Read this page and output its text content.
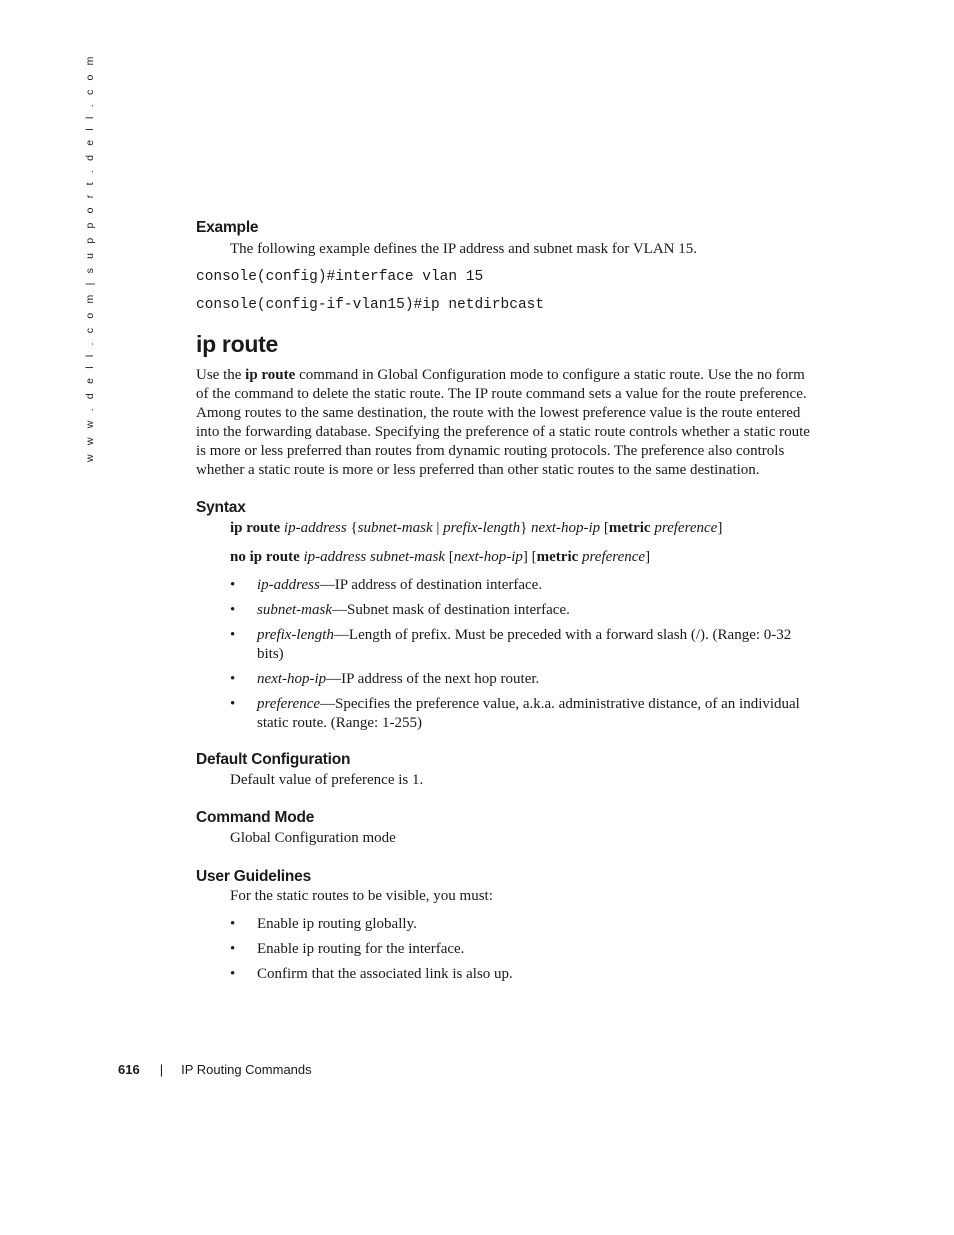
w w w . d e l l . c o m | s u p p o r t . d e l l . c o m	Example

The following example defines the IP address and subnet mask for VLAN 15.

console(config)#interface vlan 15
console(config-if-vlan15)#ip netdirbcast
ip route

Use the ip route command in Global Configuration mode to configure a static route. Use the no form of the command to delete the static route. The IP route command sets a value for the route preference. Among routes to the same destination, the route with the lowest preference value is the route entered into the forwarding database. Specifying the preference of a static route controls whether a static route is more or less preferred than routes from dynamic routing protocols. The preference also controls whether a static route is more or less preferred than other static routes to the same destination.

Syntax

ip route ip-address {subnet-mask | prefix-length} next-hop-ip [metric preference]

no ip route ip-address subnet-mask [next-hop-ip] [metric preference]

• ip-address—IP address of destination interface.
• subnet-mask—Subnet mask of destination interface.
• prefix-length—Length of prefix. Must be preceded with a forward slash (/). (Range: 0-32 bits)
• next-hop-ip—IP address of the next hop router.
• preference—Specifies the preference value, a.k.a. administrative distance, of an individual static route. (Range: 1-255)
Default Configuration

Default value of preference is 1.

Command Mode

Global Configuration mode

User Guidelines

For the static routes to be visible, you must:

• Enable ip routing globally.
• Enable ip routing for the interface.
• Confirm that the associated link is also up.
616 | IP Routing Commands
